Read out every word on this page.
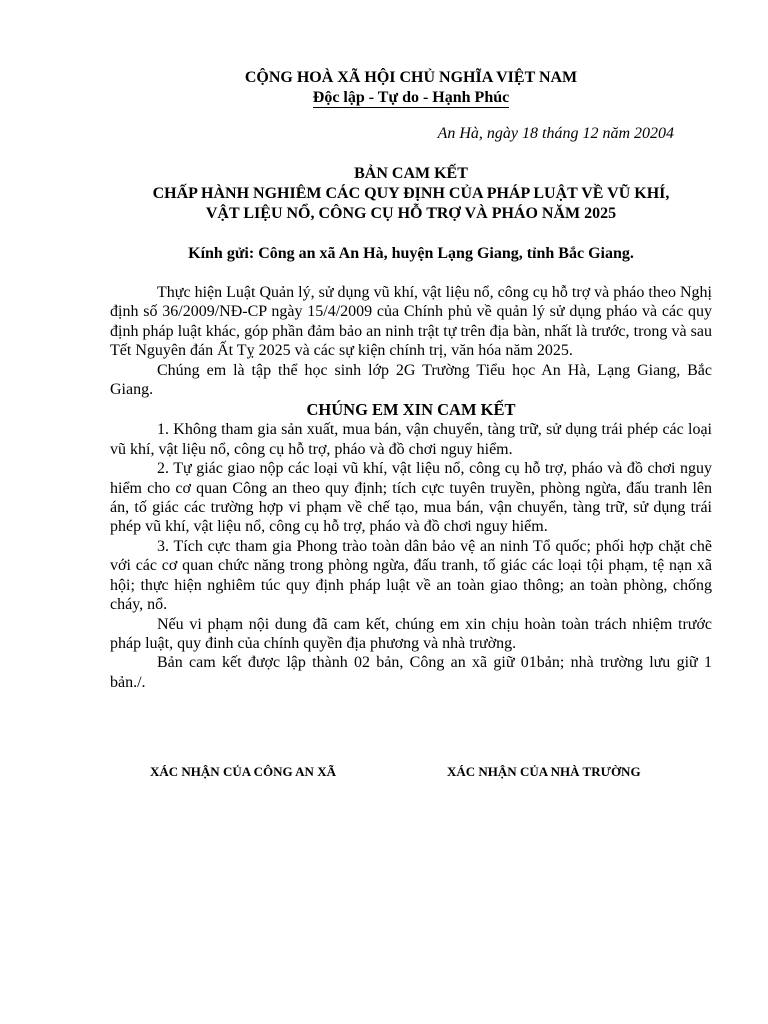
CỘNG HOÀ XÃ HỘI CHỦ NGHĨA VIỆT NAM
Độc lập - Tự do - Hạnh Phúc
An Hà, ngày 18 tháng 12 năm 20204
BẢN CAM KẾT
CHẤP HÀNH NGHIÊM CÁC QUY ĐỊNH CỦA PHÁP LUẬT VỀ VŨ KHÍ,
VẬT LIỆU NỔ, CÔNG CỤ HỖ TRỢ VÀ PHÁO NĂM 2025
Kính gửi: Công an xã An Hà, huyện Lạng Giang, tỉnh Bắc Giang.

Thực hiện Luật Quản lý, sử dụng vũ khí, vật liệu nổ, công cụ hỗ trợ và pháo theo Nghị định số 36/2009/NĐ-CP ngày 15/4/2009 của Chính phủ về quản lý sử dụng pháo và các quy định pháp luật khác, góp phần đảm bảo an ninh trật tự trên địa bàn, nhất là trước, trong và sau Tết Nguyên đán Ất Tỵ 2025 và các sự kiện chính trị, văn hóa năm 2025.

Chúng em là tập thể học sinh lớp 2G Trường Tiểu học An Hà, Lạng Giang, Bắc Giang.

CHÚNG EM XIN CAM KẾT

1. Không tham gia sản xuất, mua bán, vận chuyển, tàng trữ, sử dụng trái phép các loại vũ khí, vật liệu nổ, công cụ hỗ trợ, pháo và đồ chơi nguy hiểm.

2. Tự giác giao nộp các loại vũ khí, vật liệu nổ, công cụ hỗ trợ, pháo và đồ chơi nguy hiểm cho cơ quan Công an theo quy định; tích cực tuyên truyền, phòng ngừa, đấu tranh lên án, tố giác các trường hợp vi phạm về chế tạo, mua bán, vận chuyển, tàng trữ, sử dụng trái phép vũ khí, vật liệu nổ, công cụ hỗ trợ, pháo và đồ chơi nguy hiểm.

3. Tích cực tham gia Phong trào toàn dân bảo vệ an ninh Tổ quốc; phối hợp chặt chẽ với các cơ quan chức năng trong phòng ngừa, đấu tranh, tố giác các loại tội phạm, tệ nạn xã hội; thực hiện nghiêm túc quy định pháp luật về an toàn giao thông; an toàn phòng, chống cháy, nổ.

Nếu vi phạm nội dung đã cam kết, chúng em xin chịu hoàn toàn trách nhiệm trước pháp luật, quy đinh của chính quyền địa phương và nhà trường.

Bản cam kết được lập thành 02 bản, Công an xã giữ 01bản; nhà trường lưu giữ 1 bản./.

XÁC NHẬN CỦA CÔNG AN XÃ	XÁC NHẬN CỦA NHÀ TRƯỜNG
